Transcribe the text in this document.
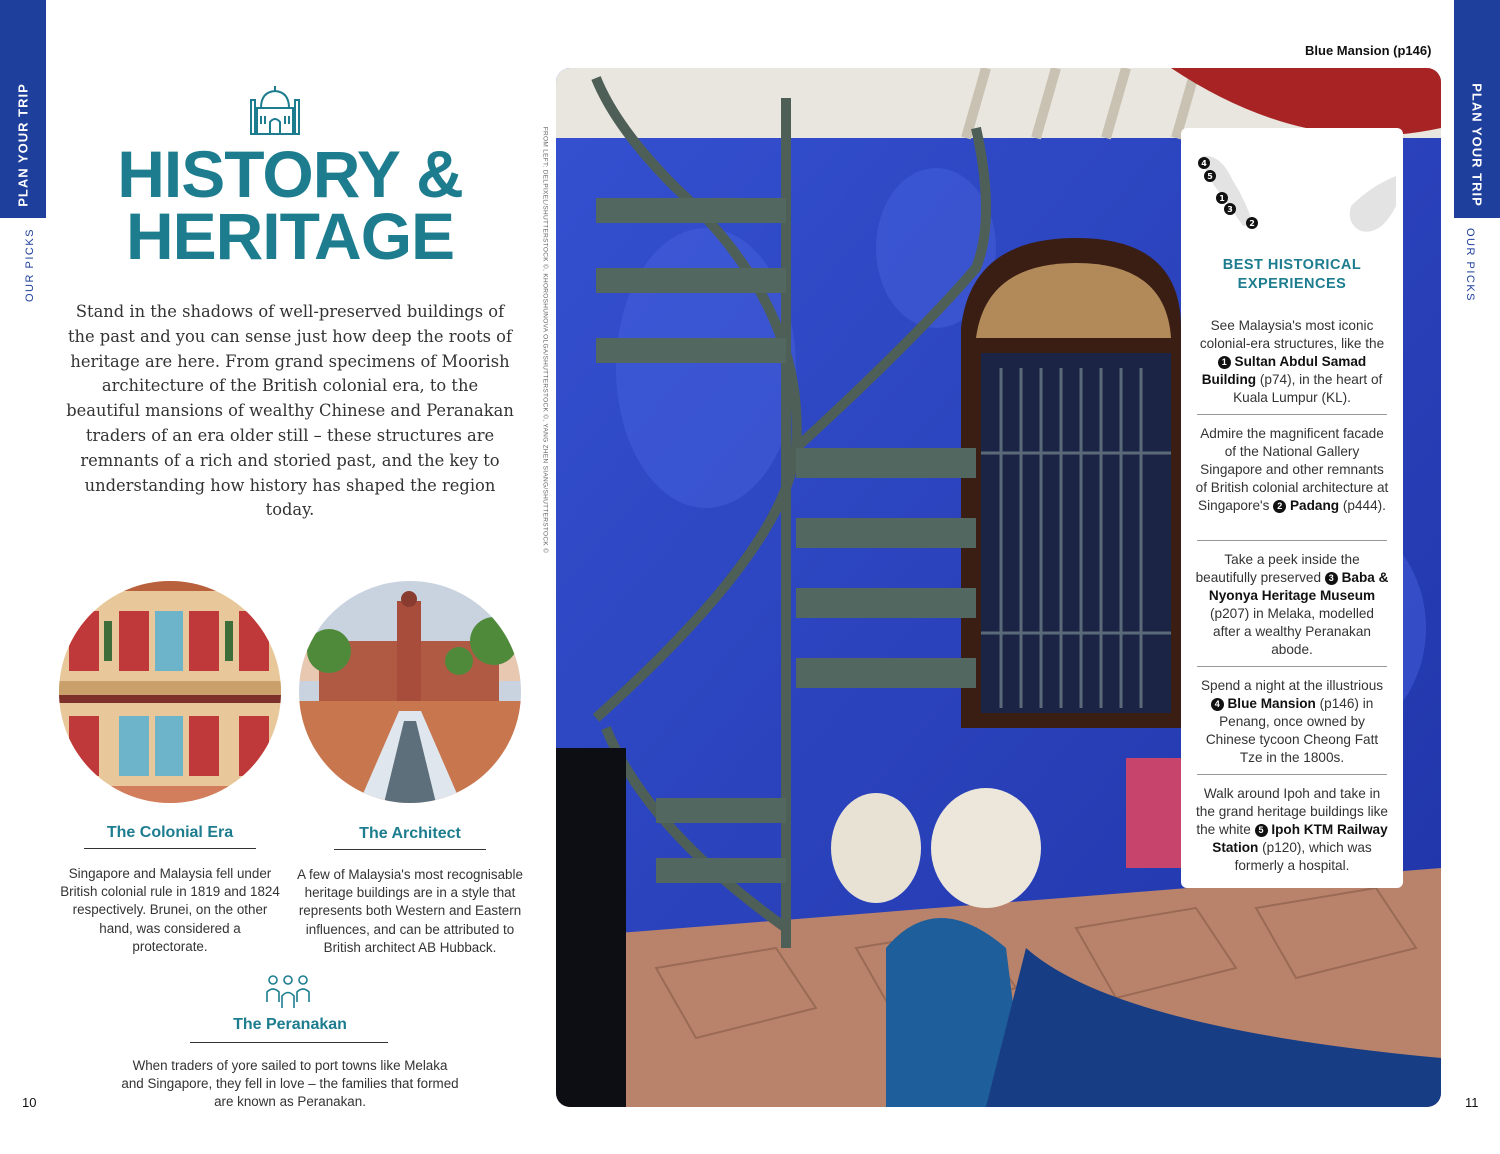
PLAN YOUR TRIP
OUR PICKS
PLAN YOUR TRIP
OUR PICKS
HISTORY &
HERITAGE
Stand in the shadows of well-preserved buildings of the past and you can sense just how deep the roots of heritage are here. From grand specimens of Moorish architecture of the British colonial era, to the beautiful mansions of wealthy Chinese and Peranakan traders of an era older still – these structures are remnants of a rich and storied past, and the key to understanding how history has shaped the region today.
The Colonial Era
Singapore and Malaysia fell under British colonial rule in 1819 and 1824 respectively. Brunei, on the other hand, was considered a protectorate.
The Architect
A few of Malaysia's most recognisable heritage buildings are in a style that represents both Western and Eastern influences, and can be attributed to British architect AB Hubback.
The Peranakan
When traders of yore sailed to port towns like Melaka and Singapore, they fell in love – the families that formed are known as Peranakan.
10	11
FROM LEFT: DELPIXEL/SHUTTERSTOCK ©, KHOROSHUNOVA OLGA/SHUTTERSTOCK ©, YANG ZHEN SIANG/SHUTTERSTOCK ©
Blue Mansion (p146)
4
5
1
3
2
BEST HISTORICAL EXPERIENCES
See Malaysia's most iconic colonial-era structures, like the 1 Sultan Abdul Samad Building (p74), in the heart of Kuala Lumpur (KL).
Admire the magnificent facade of the National Gallery Singapore and other remnants of British colonial architecture at Singapore's 2 Padang (p444).
Take a peek inside the beautifully preserved 3 Baba & Nyonya Heritage Museum (p207) in Melaka, modelled after a wealthy Peranakan abode.
Spend a night at the illustrious 4 Blue Mansion (p146) in Penang, once owned by Chinese tycoon Cheong Fatt Tze in the 1800s.
Walk around Ipoh and take in the grand heritage buildings like the white 5 Ipoh KTM Railway Station (p120), which was formerly a hospital.
